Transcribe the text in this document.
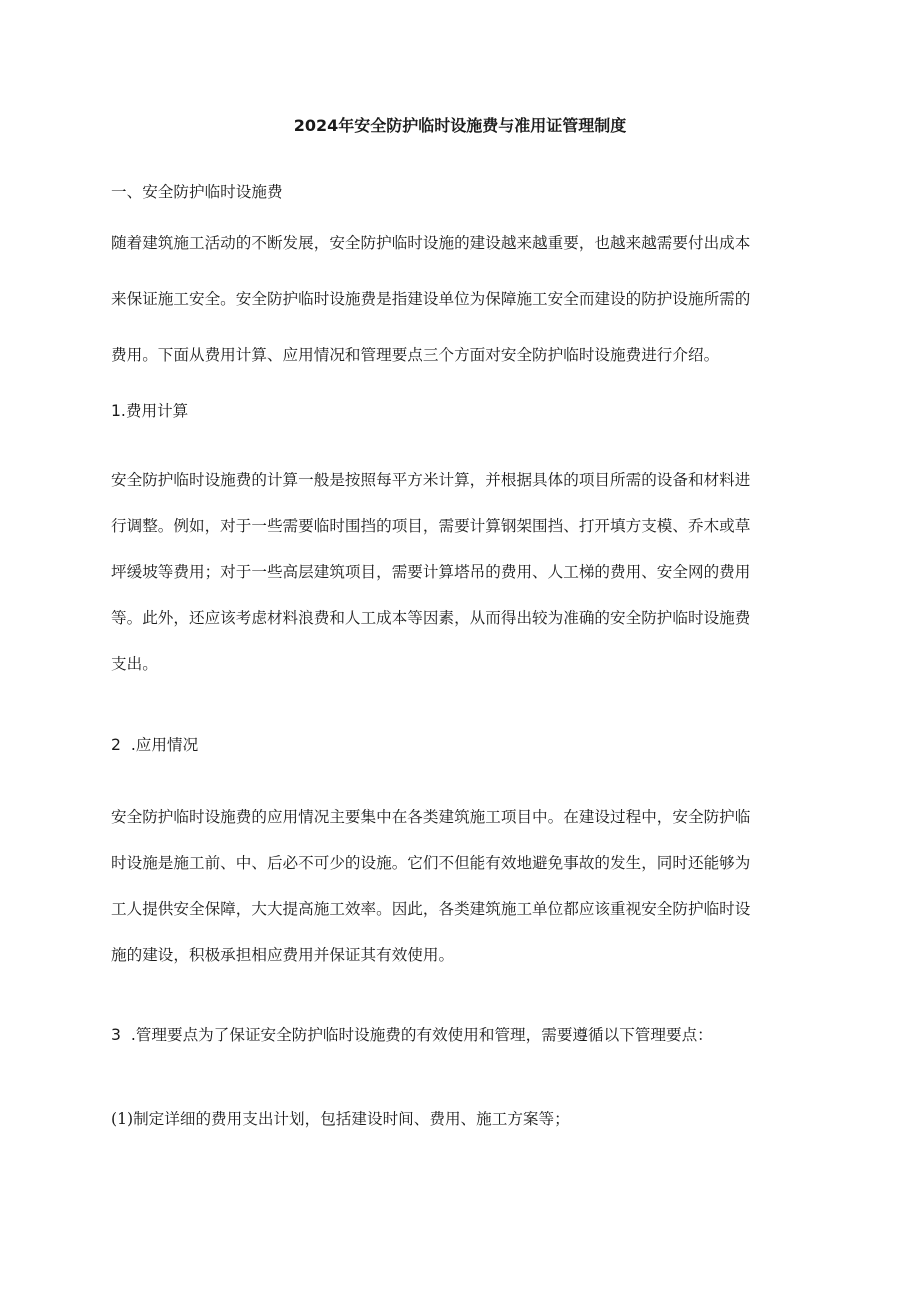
2024年安全防护临时设施费与准用证管理制度
一、安全防护临时设施费
随着建筑施工活动的不断发展，安全防护临时设施的建设越来越重要，也越来越需要付出成本
来保证施工安全。安全防护临时设施费是指建设单位为保障施工安全而建设的防护设施所需的
费用。下面从费用计算、应用情况和管理要点三个方面对安全防护临时设施费进行介绍。
1.费用计算
安全防护临时设施费的计算一般是按照每平方米计算，并根据具体的项目所需的设备和材料进
行调整。例如，对于一些需要临时围挡的项目，需要计算钢架围挡、打开填方支模、乔木或草
坪缓坡等费用；对于一些高层建筑项目，需要计算塔吊的费用、人工梯的费用、安全网的费用
等。此外，还应该考虑材料浪费和人工成本等因素，从而得出较为准确的安全防护临时设施费
支出。
2  .应用情况
安全防护临时设施费的应用情况主要集中在各类建筑施工项目中。在建设过程中，安全防护临
时设施是施工前、中、后必不可少的设施。它们不但能有效地避免事故的发生，同时还能够为
工人提供安全保障，大大提高施工效率。因此，各类建筑施工单位都应该重视安全防护临时设
施的建设，积极承担相应费用并保证其有效使用。
3  .管理要点为了保证安全防护临时设施费的有效使用和管理，需要遵循以下管理要点：
(1)制定详细的费用支出计划，包括建设时间、费用、施工方案等；
